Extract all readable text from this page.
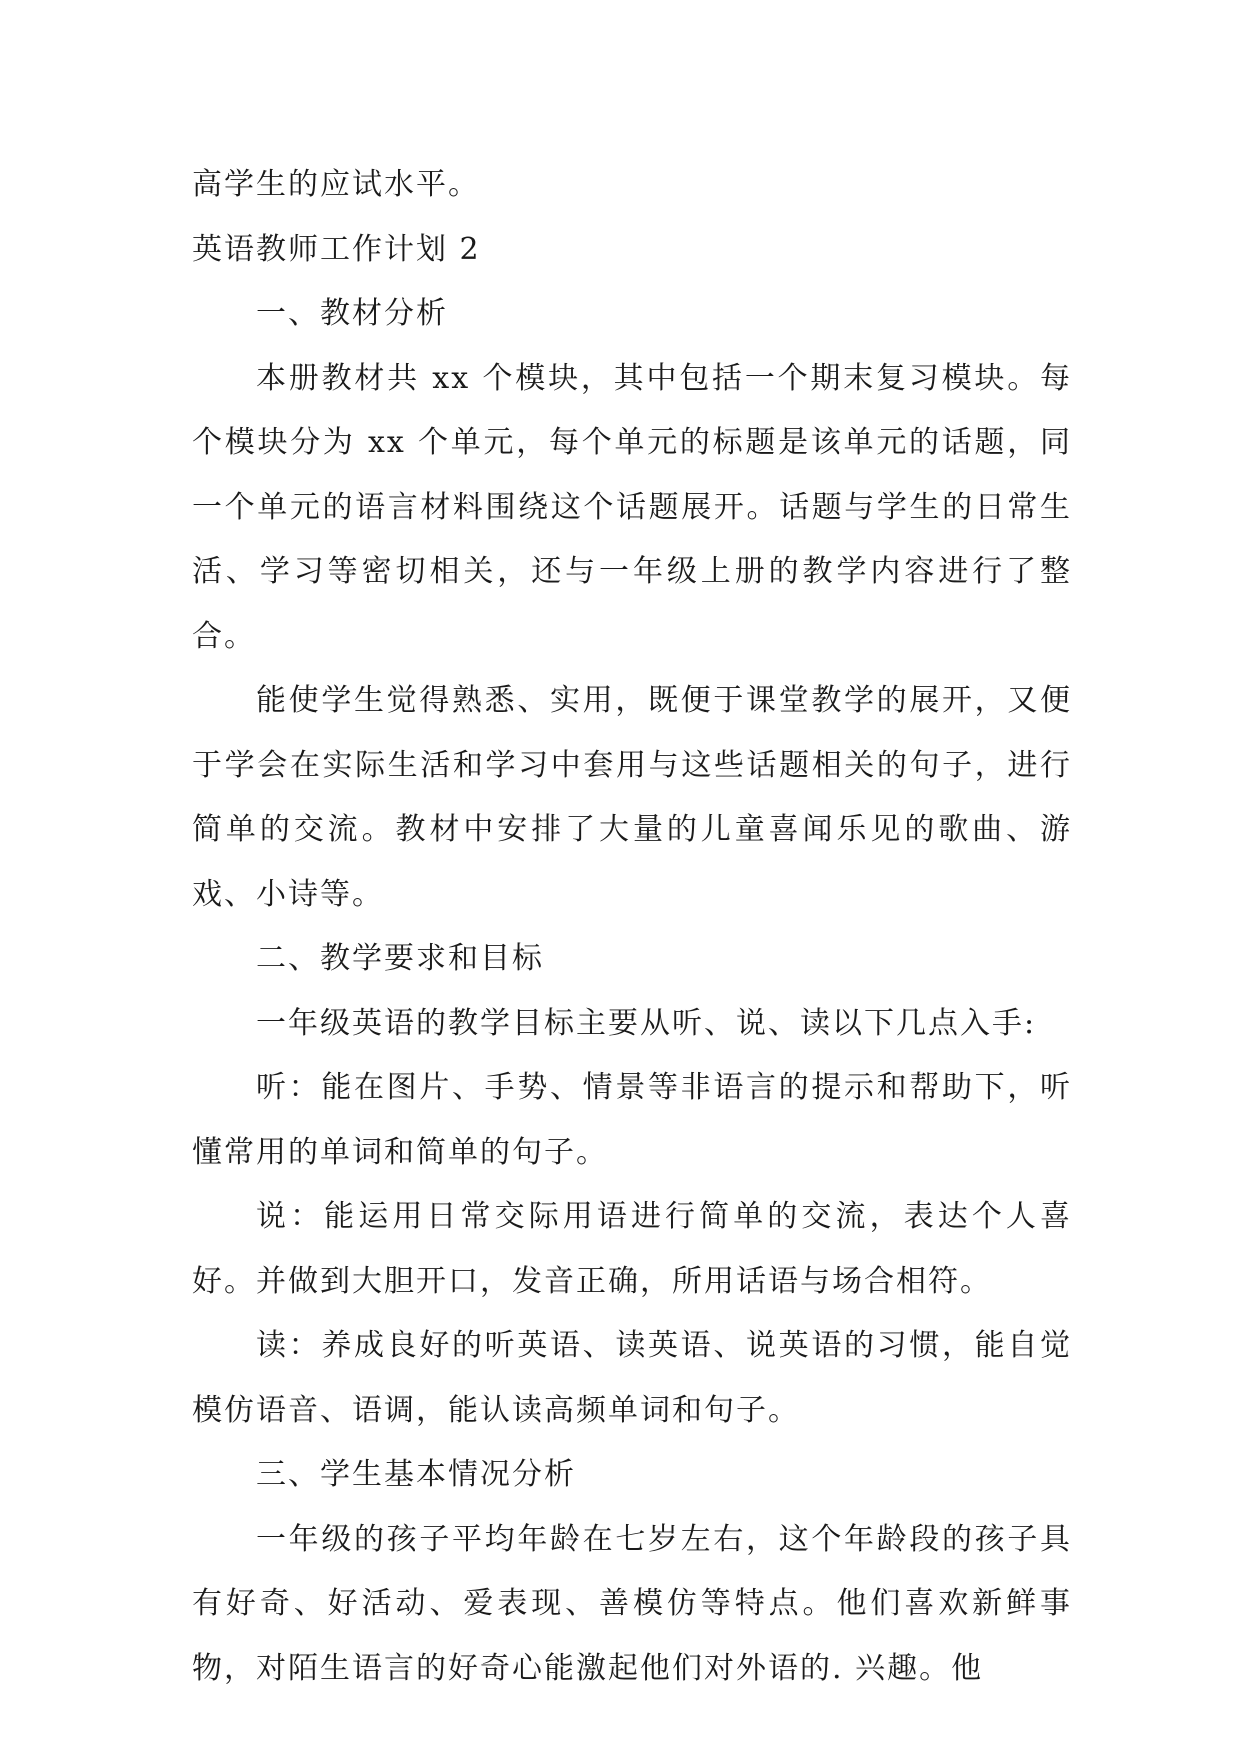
高学生的应试水平。
英语教师工作计划 2
一、教材分析
本册教材共 xx 个模块，其中包括一个期末复习模块。每个模块分为 xx 个单元，每个单元的标题是该单元的话题，同一个单元的语言材料围绕这个话题展开。话题与学生的日常生活、学习等密切相关，还与一年级上册的教学内容进行了整合。
能使学生觉得熟悉、实用，既便于课堂教学的展开，又便于学会在实际生活和学习中套用与这些话题相关的句子，进行简单的交流。教材中安排了大量的儿童喜闻乐见的歌曲、游戏、小诗等。
二、教学要求和目标
一年级英语的教学目标主要从听、说、读以下几点入手:
听：能在图片、手势、情景等非语言的提示和帮助下，听懂常用的单词和简单的句子。
说：能运用日常交际用语进行简单的交流，表达个人喜好。并做到大胆开口，发音正确，所用话语与场合相符。
读：养成良好的听英语、读英语、说英语的习惯，能自觉模仿语音、语调，能认读高频单词和句子。
三、学生基本情况分析
一年级的孩子平均年龄在七岁左右，这个年龄段的孩子具有好奇、好活动、爱表现、善模仿等特点。他们喜欢新鲜事物，对陌生语言的好奇心能激起他们对外语的. 兴趣。他
